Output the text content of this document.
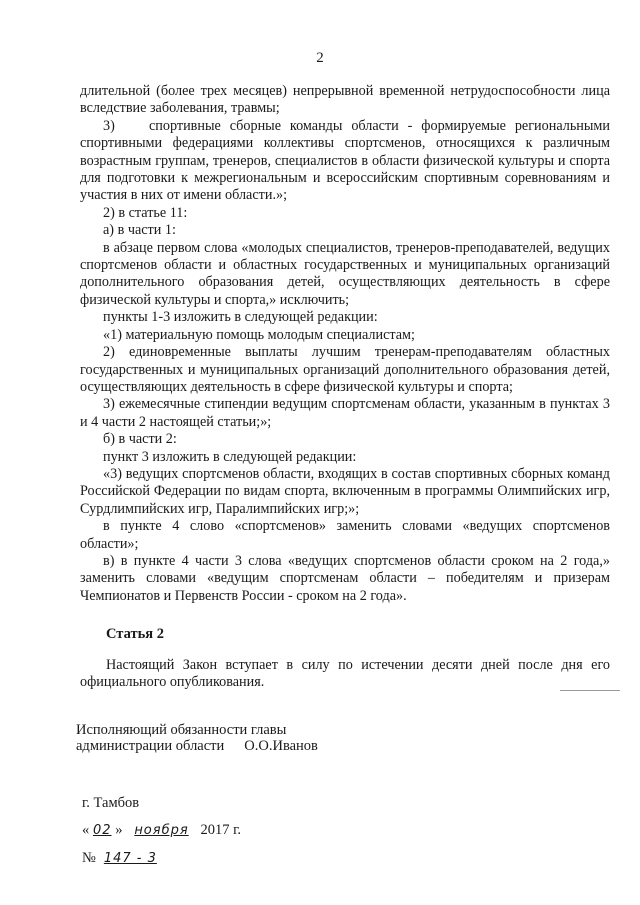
2

длительной (более трех месяцев) непрерывной временной нетрудоспособности лица вследствие заболевания, травмы;

3) спортивные сборные команды области - формируемые региональными спортивными федерациями коллективы спортсменов, относящихся к различным возрастным группам, тренеров, специалистов в области физической культуры и спорта для подготовки к межрегиональным и всероссийским спортивным соревнованиям и участия в них от имени области.»;

2) в статье 11:

а) в части 1:

в абзаце первом слова «молодых специалистов, тренеров-преподавателей, ведущих спортсменов области и областных государственных и муниципальных организаций дополнительного образования детей, осуществляющих деятельность в сфере физической культуры и спорта,» исключить;

пункты 1-3 изложить в следующей редакции:

«1) материальную помощь молодым специалистам;

2) единовременные выплаты лучшим тренерам-преподавателям областных государственных и муниципальных организаций дополнительного образования детей, осуществляющих деятельность в сфере физической культуры и спорта;

3) ежемесячные стипендии ведущим спортсменам области, указанным в пунктах 3 и 4 части 2 настоящей статьи;»;

б) в части 2:

пункт 3 изложить в следующей редакции:

«3) ведущих спортсменов области, входящих в состав спортивных сборных команд Российской Федерации по видам спорта, включенным в программы Олимпийских игр, Сурдлимпийских игр, Паралимпийских игр;»;

в пункте 4 слово «спортсменов» заменить словами «ведущих спортсменов области»;

в) в пункте 4 части 3 слова «ведущих спортсменов области сроком на 2 года,» заменить словами «ведущим спортсменам области – победителям и призерам Чемпионатов и Первенств России - сроком на 2 года».

Статья 2

Настоящий Закон вступает в силу по истечении десяти дней после дня его официального опубликования.

Исполняющий обязанности главы
администрации области О.О.Иванов
г. Тамбов
« 02 » ноября 2017 г.
№ 147 - 3
